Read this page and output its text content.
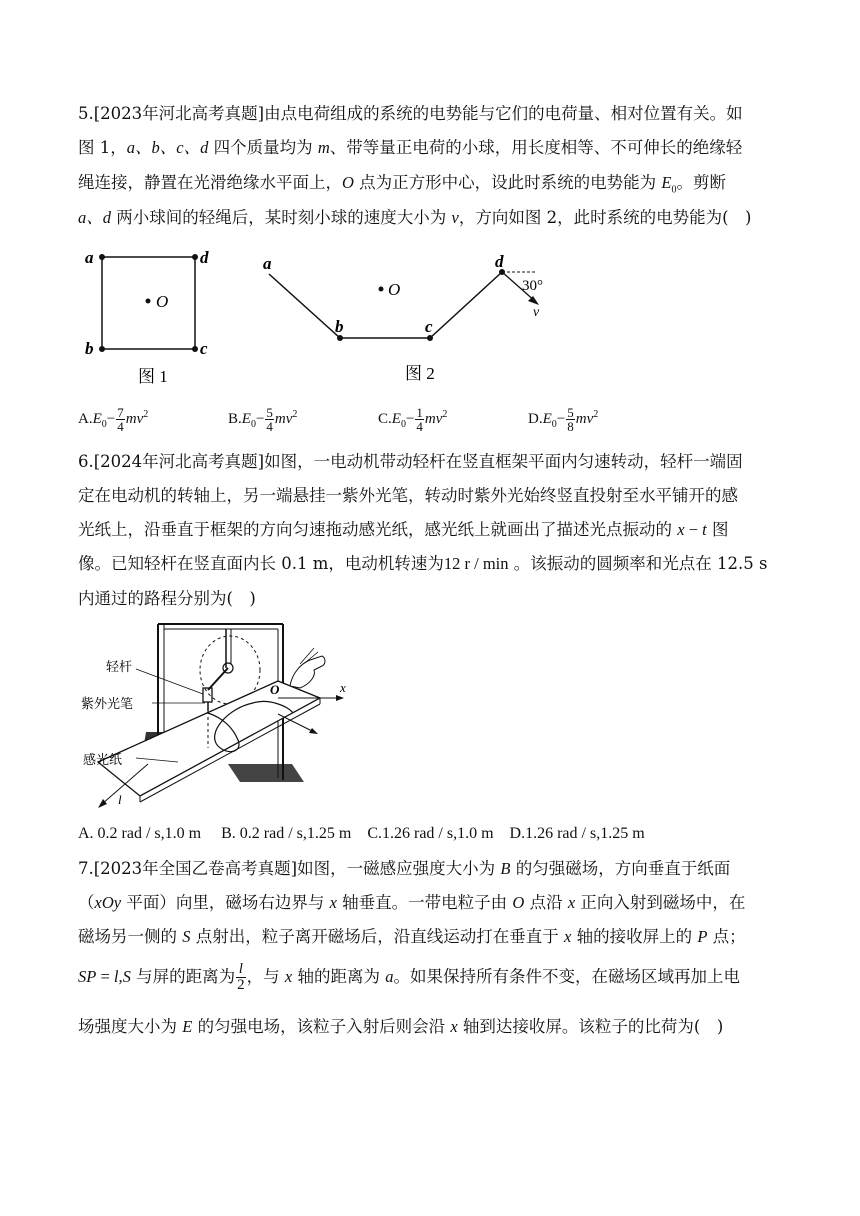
5.[2023年河北高考真题]由点电荷组成的系统的电势能与它们的电荷量、相对位置有关。如
图 1，a、b、c、d 四个质量均为 m、带等量正电荷的小球，用长度相等、不可伸长的绝缘轻
绳连接，静置在光滑绝缘水平面上，O 点为正方形中心，设此时系统的电势能为 $E_0$。剪断
a、d 两小球间的轻绳后，某时刻小球的速度大小为 v，方向如图 2，此时系统的电势能为(　)
a	d
b	c
O
图 1
a
b	c
d
O	30°
v
图 2
$A.E_0- \frac{7}{4} mv^2$	$B.E_0- \frac{5}{4} mv^2$	$C.E_0- \frac{1}{4} mv^2$	$D.E_0- \frac{5}{8} mv^2$
6.[2024年河北高考真题]如图，一电动机带动轻杆在竖直框架平面内匀速转动，轻杆一端固
定在电动机的转轴上，另一端悬挂一紫外光笔，转动时紫外光始终竖直投射至水平铺开的感
光纸上，沿垂直于框架的方向匀速拖动感光纸，感光纸上就画出了描述光点振动的 x − t 图
像。已知轻杆在竖直面内长 0.1 m，电动机转速为12 r / min 。该振动的圆频率和光点在 12.5 s
内通过的路程分别为(　)
轻杆
紫外光笔
感光纸
O	x
l
A. 0.2 rad / s,1.0 m　 B. 0.2 rad / s,1.25 m　C.1.26 rad / s,1.0 m　D.1.26 rad / s,1.25 m
7.[2023年全国乙卷高考真题]如图，一磁感应强度大小为 B 的匀强磁场，方向垂直于纸面
（xOy 平面）向里，磁场右边界与 x 轴垂直。一带电粒子由 O 点沿 x 正向入射到磁场中，在
磁场另一侧的 S 点射出，粒子离开磁场后，沿直线运动打在垂直于 x 轴的接收屏上的 P 点；
SP = l,S 与屏的距离为 $\frac{l}{2}$ ，与 x 轴的距离为 a。如果保持所有条件不变，在磁场区域再加上电
场强度大小为 E 的匀强电场，该粒子入射后则会沿 x 轴到达接收屏。该粒子的比荷为(　)
